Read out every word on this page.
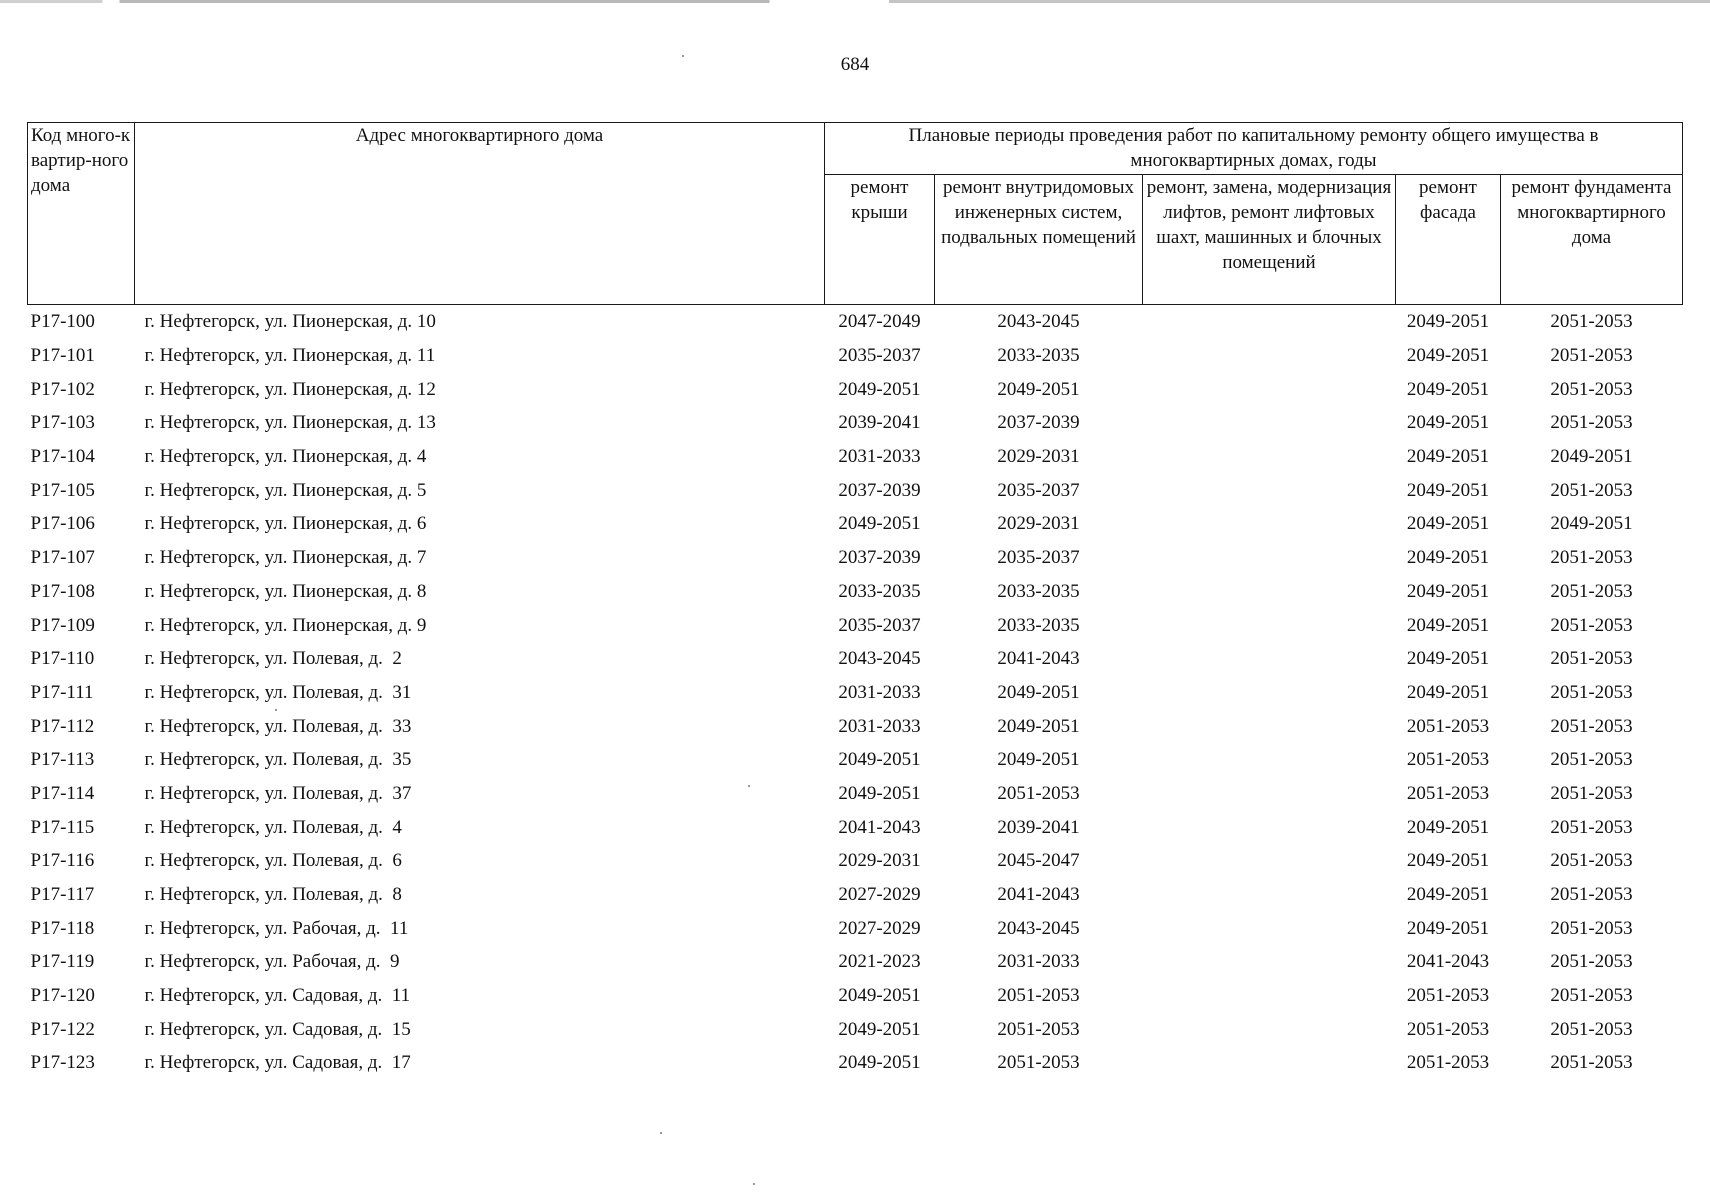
684
Код много-квартир-ного дома	Адрес многоквартирного дома	Плановые периоды проведения работ по капитальному ремонту общего имущества в многоквартирных домах, годы				
		ремонт крыши	ремонт внутридомовых инженерных систем, подвальных помещений	ремонт, замена, модернизация лифтов, ремонт лифтовых шахт, машинных и блочных помещений	ремонт фасада	ремонт фундамента многоквартирного дома
Р17-100	г. Нефтегорск, ул. Пионерская, д. 10	2047-2049	2043-2045		2049-2051	2051-2053
Р17-101	г. Нефтегорск, ул. Пионерская, д. 11	2035-2037	2033-2035		2049-2051	2051-2053
Р17-102	г. Нефтегорск, ул. Пионерская, д. 12	2049-2051	2049-2051		2049-2051	2051-2053
Р17-103	г. Нефтегорск, ул. Пионерская, д. 13	2039-2041	2037-2039		2049-2051	2051-2053
Р17-104	г. Нефтегорск, ул. Пионерская, д. 4	2031-2033	2029-2031		2049-2051	2049-2051
Р17-105	г. Нефтегорск, ул. Пионерская, д. 5	2037-2039	2035-2037		2049-2051	2051-2053
Р17-106	г. Нефтегорск, ул. Пионерская, д. 6	2049-2051	2029-2031		2049-2051	2049-2051
Р17-107	г. Нефтегорск, ул. Пионерская, д. 7	2037-2039	2035-2037		2049-2051	2051-2053
Р17-108	г. Нефтегорск, ул. Пионерская, д. 8	2033-2035	2033-2035		2049-2051	2051-2053
Р17-109	г. Нефтегорск, ул. Пионерская, д. 9	2035-2037	2033-2035		2049-2051	2051-2053
Р17-110	г. Нефтегорск, ул. Полевая, д.  2	2043-2045	2041-2043		2049-2051	2051-2053
Р17-111	г. Нефтегорск, ул. Полевая, д.  31	2031-2033	2049-2051		2049-2051	2051-2053
Р17-112	г. Нефтегорск, ул. Полевая, д.  33	2031-2033	2049-2051		2051-2053	2051-2053
Р17-113	г. Нефтегорск, ул. Полевая, д.  35	2049-2051	2049-2051		2051-2053	2051-2053
Р17-114	г. Нефтегорск, ул. Полевая, д.  37	2049-2051	2051-2053		2051-2053	2051-2053
Р17-115	г. Нефтегорск, ул. Полевая, д.  4	2041-2043	2039-2041		2049-2051	2051-2053
Р17-116	г. Нефтегорск, ул. Полевая, д.  6	2029-2031	2045-2047		2049-2051	2051-2053
Р17-117	г. Нефтегорск, ул. Полевая, д.  8	2027-2029	2041-2043		2049-2051	2051-2053
Р17-118	г. Нефтегорск, ул. Рабочая, д.  11	2027-2029	2043-2045		2049-2051	2051-2053
Р17-119	г. Нефтегорск, ул. Рабочая, д.  9	2021-2023	2031-2033		2041-2043	2051-2053
Р17-120	г. Нефтегорск, ул. Садовая, д.  11	2049-2051	2051-2053		2051-2053	2051-2053
Р17-122	г. Нефтегорск, ул. Садовая, д.  15	2049-2051	2051-2053		2051-2053	2051-2053
Р17-123	г. Нефтегорск, ул. Садовая, д.  17	2049-2051	2051-2053		2051-2053	2051-2053
